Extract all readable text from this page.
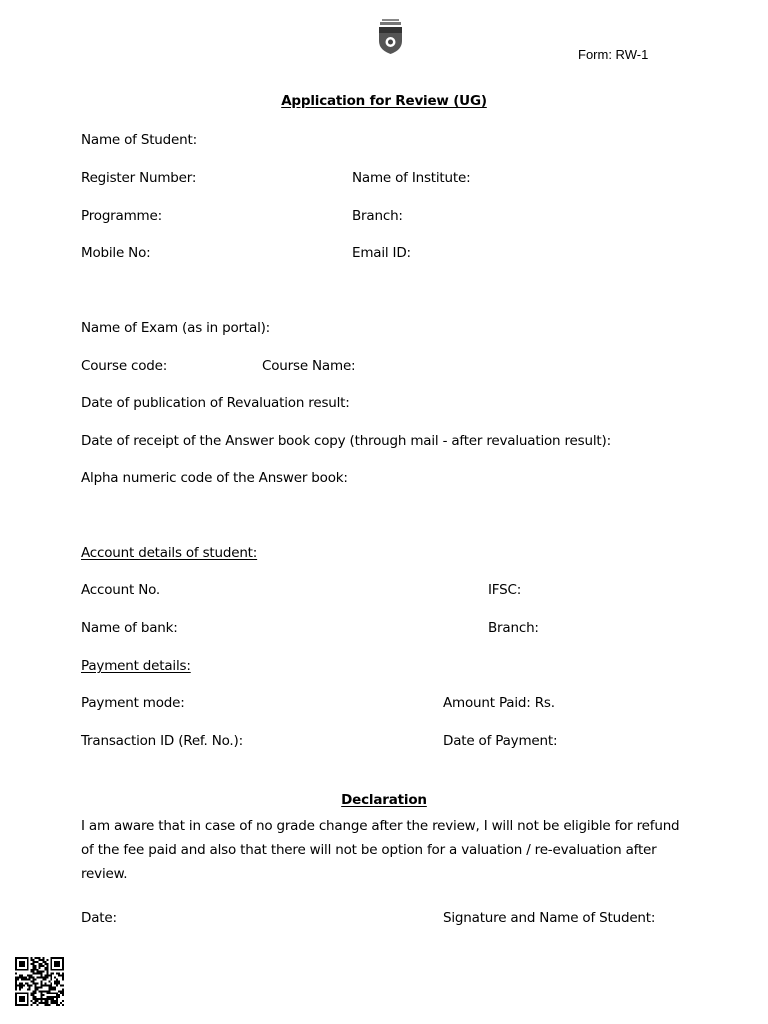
Form: RW-1
Application for Review (UG)
Name of Student:
Register Number:	Name of Institute:
Programme:	Branch:
Mobile No:	Email ID:
Name of Exam (as in portal):
Course code:	Course Name:
Date of publication of Revaluation result:
Date of receipt of the Answer book copy (through mail - after revaluation result):
Alpha numeric code of the Answer book:
Account details of student:
Account No.	IFSC:
Name of bank:	Branch:
Payment details:
Payment mode:	Amount Paid: Rs.
Transaction ID (Ref. No.):	Date of Payment:
Declaration
I am aware that in case of no grade change after the review, I will not be eligible for refund of the fee paid and also that there will not be option for a valuation / re-evaluation after review.
Date:	Signature and Name of Student:
